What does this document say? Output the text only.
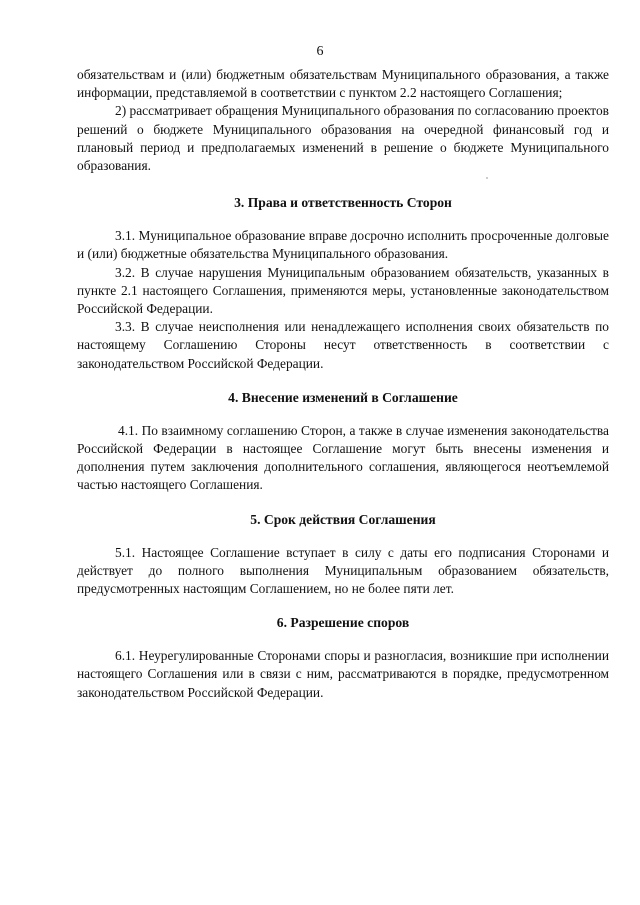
6

обязательствам и (или) бюджетным обязательствам Муниципального образования, а также информации, представляемой в соответствии с пунктом 2.2 настоящего Соглашения;

2) рассматривает обращения Муниципального образования по согласованию проектов решений о бюджете Муниципального образования на очередной финансовый год и плановый период и предполагаемых изменений в решение о бюджете Муниципального образования.

3. Права и ответственность Сторон

3.1. Муниципальное образование вправе досрочно исполнить просроченные долговые и (или) бюджетные обязательства Муниципального образования.

3.2. В случае нарушения Муниципальным образованием обязательств, указанных в пункте 2.1 настоящего Соглашения, применяются меры, установленные законодательством Российской Федерации.

3.3. В случае неисполнения или ненадлежащего исполнения своих обязательств по настоящему Соглашению Стороны несут ответственность в соответствии с законодательством Российской Федерации.

4. Внесение изменений в Соглашение

4.1. По взаимному соглашению Сторон, а также в случае изменения законодательства Российской Федерации в настоящее Соглашение могут быть внесены изменения и дополнения путем заключения дополнительного соглашения, являющегося неотъемлемой частью настоящего Соглашения.

5. Срок действия Соглашения

5.1. Настоящее Соглашение вступает в силу с даты его подписания Сторонами и действует до полного выполнения Муниципальным образованием обязательств, предусмотренных настоящим Соглашением, но не более пяти лет.

6. Разрешение споров

6.1. Неурегулированные Сторонами споры и разногласия, возникшие при исполнении настоящего Соглашения или в связи с ним, рассматриваются в порядке, предусмотренном законодательством Российской Федерации.
